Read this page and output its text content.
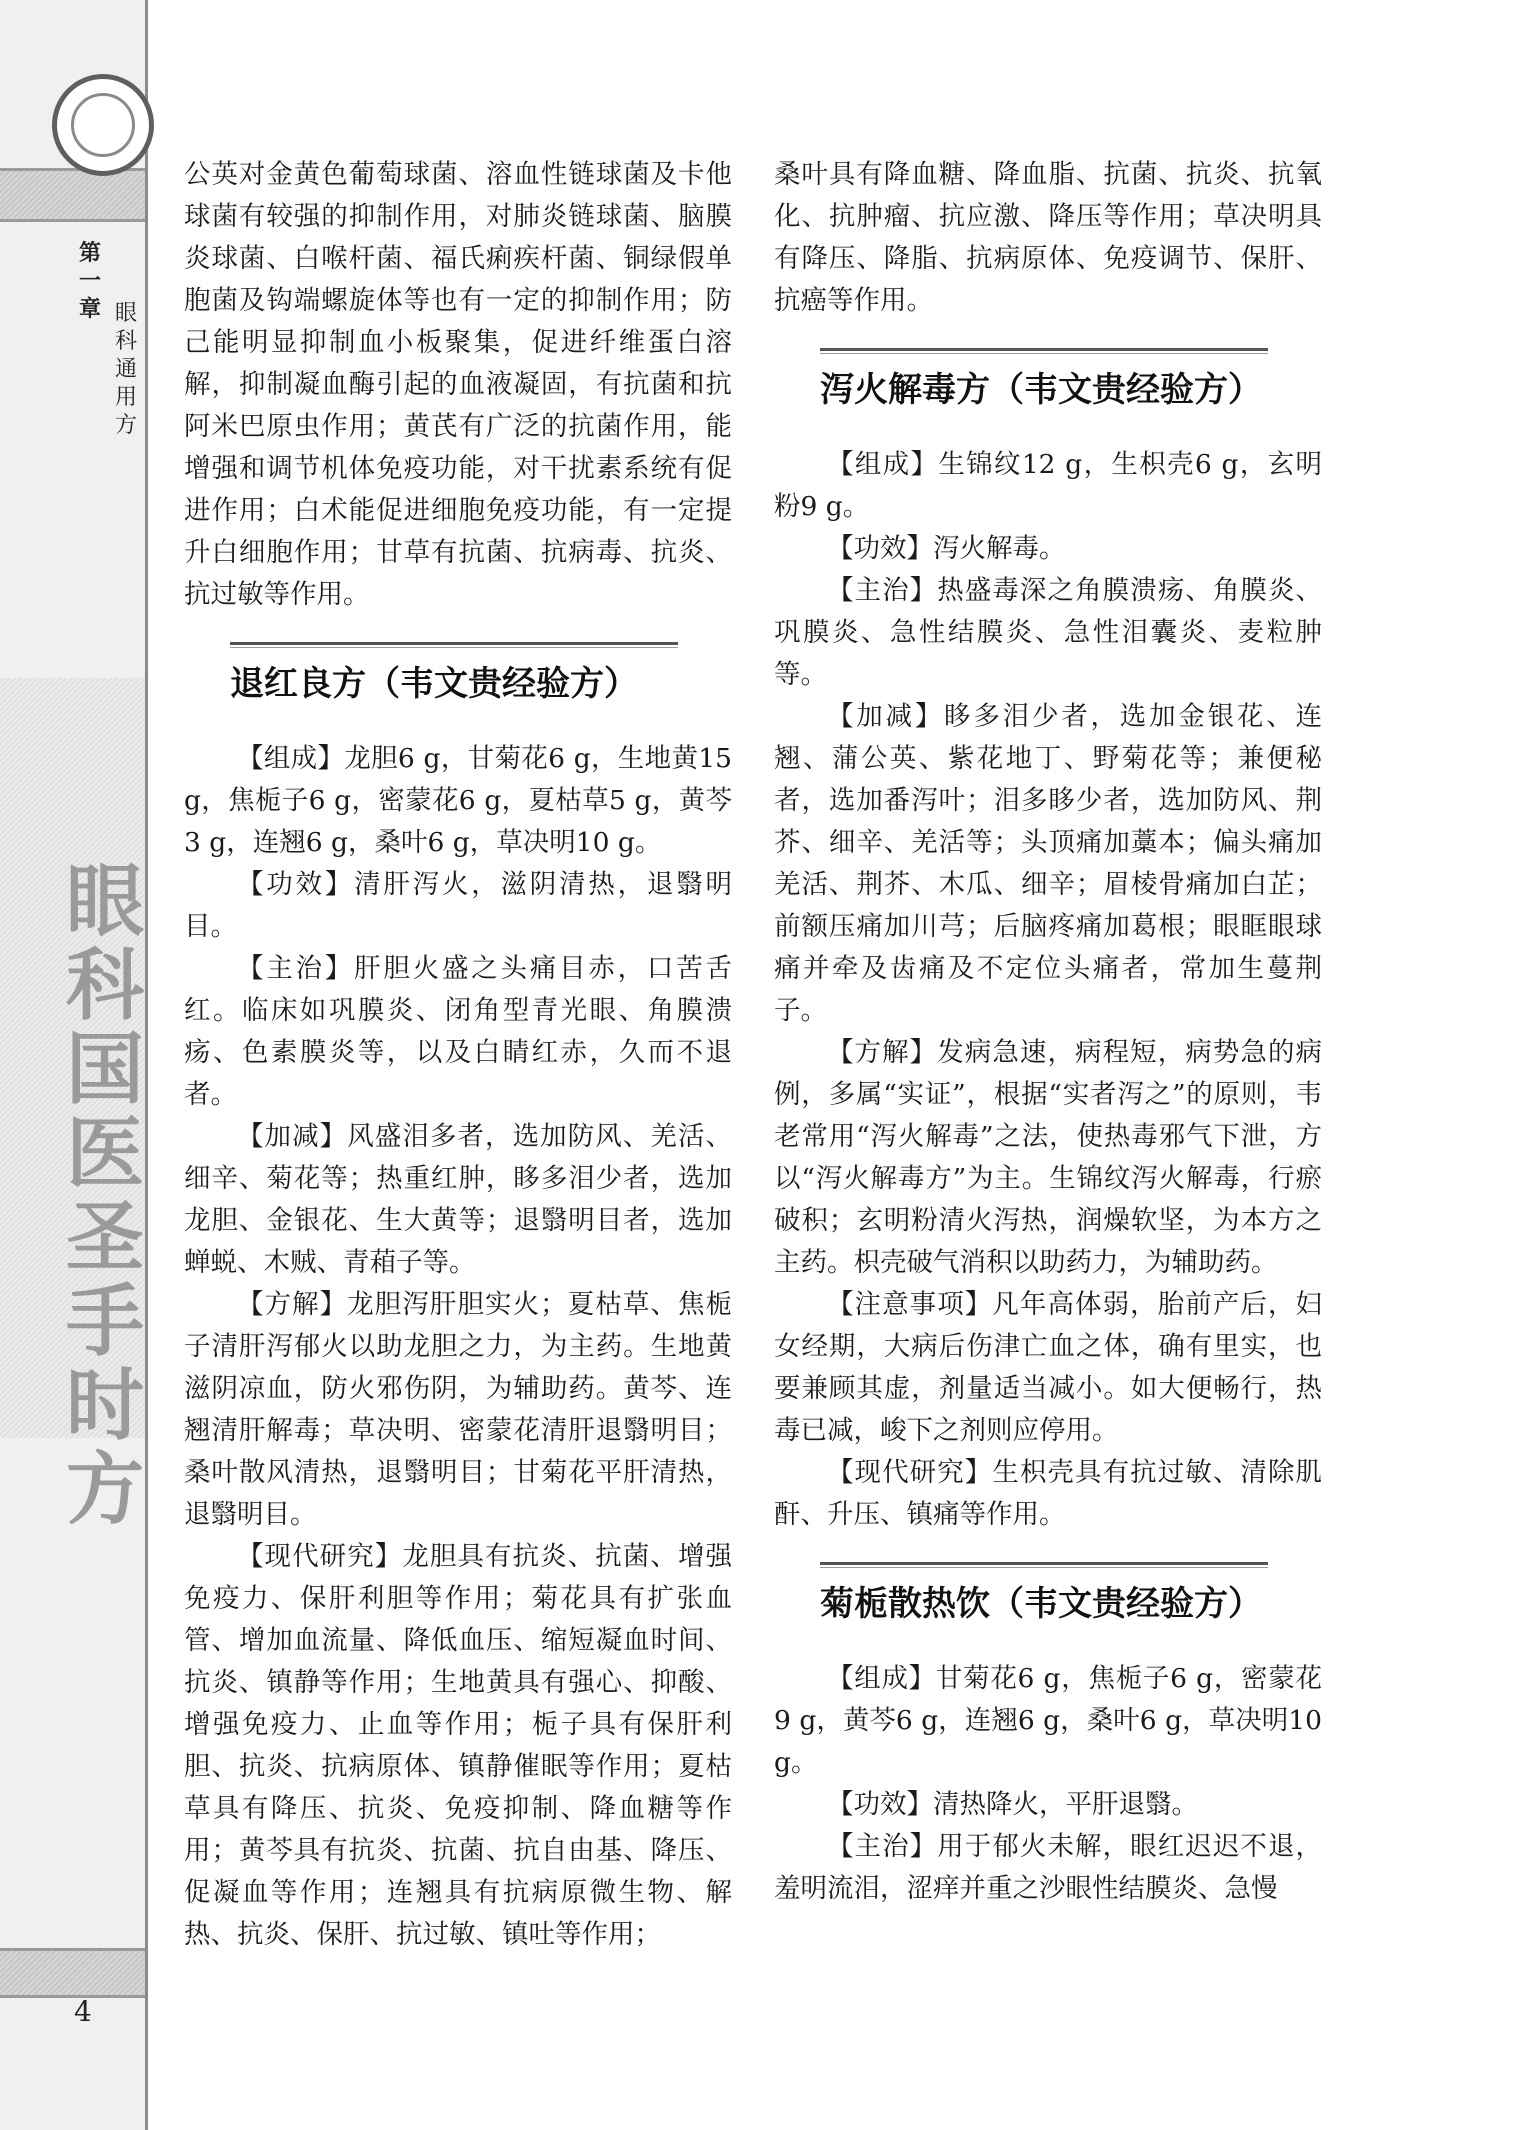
第一章 眼科通用方
眼科国医圣手时方
4

公英对金黄色葡萄球菌、溶血性链球菌及卡他球菌有较强的抑制作用，对肺炎链球菌、脑膜炎球菌、白喉杆菌、福氏痢疾杆菌、铜绿假单胞菌及钩端螺旋体等也有一定的抑制作用；防己能明显抑制血小板聚集，促进纤维蛋白溶解，抑制凝血酶引起的血液凝固，有抗菌和抗阿米巴原虫作用；黄芪有广泛的抗菌作用，能增强和调节机体免疫功能，对干扰素系统有促进作用；白术能促进细胞免疫功能，有一定提升白细胞作用；甘草有抗菌、抗病毒、抗炎、抗过敏等作用。

退红良方（韦文贵经验方）

【组成】龙胆6 g，甘菊花6 g，生地黄15 g，焦栀子6 g，密蒙花6 g，夏枯草5 g，黄芩3 g，连翘6 g，桑叶6 g，草决明10 g。

【功效】清肝泻火，滋阴清热，退翳明目。

【主治】肝胆火盛之头痛目赤，口苦舌红。临床如巩膜炎、闭角型青光眼、角膜溃疡、色素膜炎等，以及白睛红赤，久而不退者。

【加减】风盛泪多者，选加防风、羌活、细辛、菊花等；热重红肿，眵多泪少者，选加龙胆、金银花、生大黄等；退翳明目者，选加蝉蜕、木贼、青葙子等。

【方解】龙胆泻肝胆实火；夏枯草、焦栀子清肝泻郁火以助龙胆之力，为主药。生地黄滋阴凉血，防火邪伤阴，为辅助药。黄芩、连翘清肝解毒；草决明、密蒙花清肝退翳明目；桑叶散风清热，退翳明目；甘菊花平肝清热，退翳明目。

【现代研究】龙胆具有抗炎、抗菌、增强免疫力、保肝利胆等作用；菊花具有扩张血管、增加血流量、降低血压、缩短凝血时间、抗炎、镇静等作用；生地黄具有强心、抑酸、增强免疫力、止血等作用；栀子具有保肝利胆、抗炎、抗病原体、镇静催眠等作用；夏枯草具有降压、抗炎、免疫抑制、降血糖等作用；黄芩具有抗炎、抗菌、抗自由基、降压、促凝血等作用；连翘具有抗病原微生物、解热、抗炎、保肝、抗过敏、镇吐等作用；

桑叶具有降血糖、降血脂、抗菌、抗炎、抗氧化、抗肿瘤、抗应激、降压等作用；草决明具有降压、降脂、抗病原体、免疫调节、保肝、抗癌等作用。

泻火解毒方（韦文贵经验方）

【组成】生锦纹12 g，生枳壳6 g，玄明粉9 g。

【功效】泻火解毒。

【主治】热盛毒深之角膜溃疡、角膜炎、巩膜炎、急性结膜炎、急性泪囊炎、麦粒肿等。

【加减】眵多泪少者，选加金银花、连翘、蒲公英、紫花地丁、野菊花等；兼便秘者，选加番泻叶；泪多眵少者，选加防风、荆芥、细辛、羌活等；头顶痛加藁本；偏头痛加羌活、荆芥、木瓜、细辛；眉棱骨痛加白芷；前额压痛加川芎；后脑疼痛加葛根；眼眶眼球痛并牵及齿痛及不定位头痛者，常加生蔓荆子。

【方解】发病急速，病程短，病势急的病例，多属“实证”，根据“实者泻之”的原则，韦老常用“泻火解毒”之法，使热毒邪气下泄，方以“泻火解毒方”为主。生锦纹泻火解毒，行瘀破积；玄明粉清火泻热，润燥软坚，为本方之主药。枳壳破气消积以助药力，为辅助药。

【注意事项】凡年高体弱，胎前产后，妇女经期，大病后伤津亡血之体，确有里实，也要兼顾其虚，剂量适当减小。如大便畅行，热毒已减，峻下之剂则应停用。

【现代研究】生枳壳具有抗过敏、清除肌酐、升压、镇痛等作用。

菊栀散热饮（韦文贵经验方）

【组成】甘菊花6 g，焦栀子6 g，密蒙花9 g，黄芩6 g，连翘6 g，桑叶6 g，草决明10 g。

【功效】清热降火，平肝退翳。

【主治】用于郁火未解，眼红迟迟不退，羞明流泪，涩痒并重之沙眼性结膜炎、急慢
